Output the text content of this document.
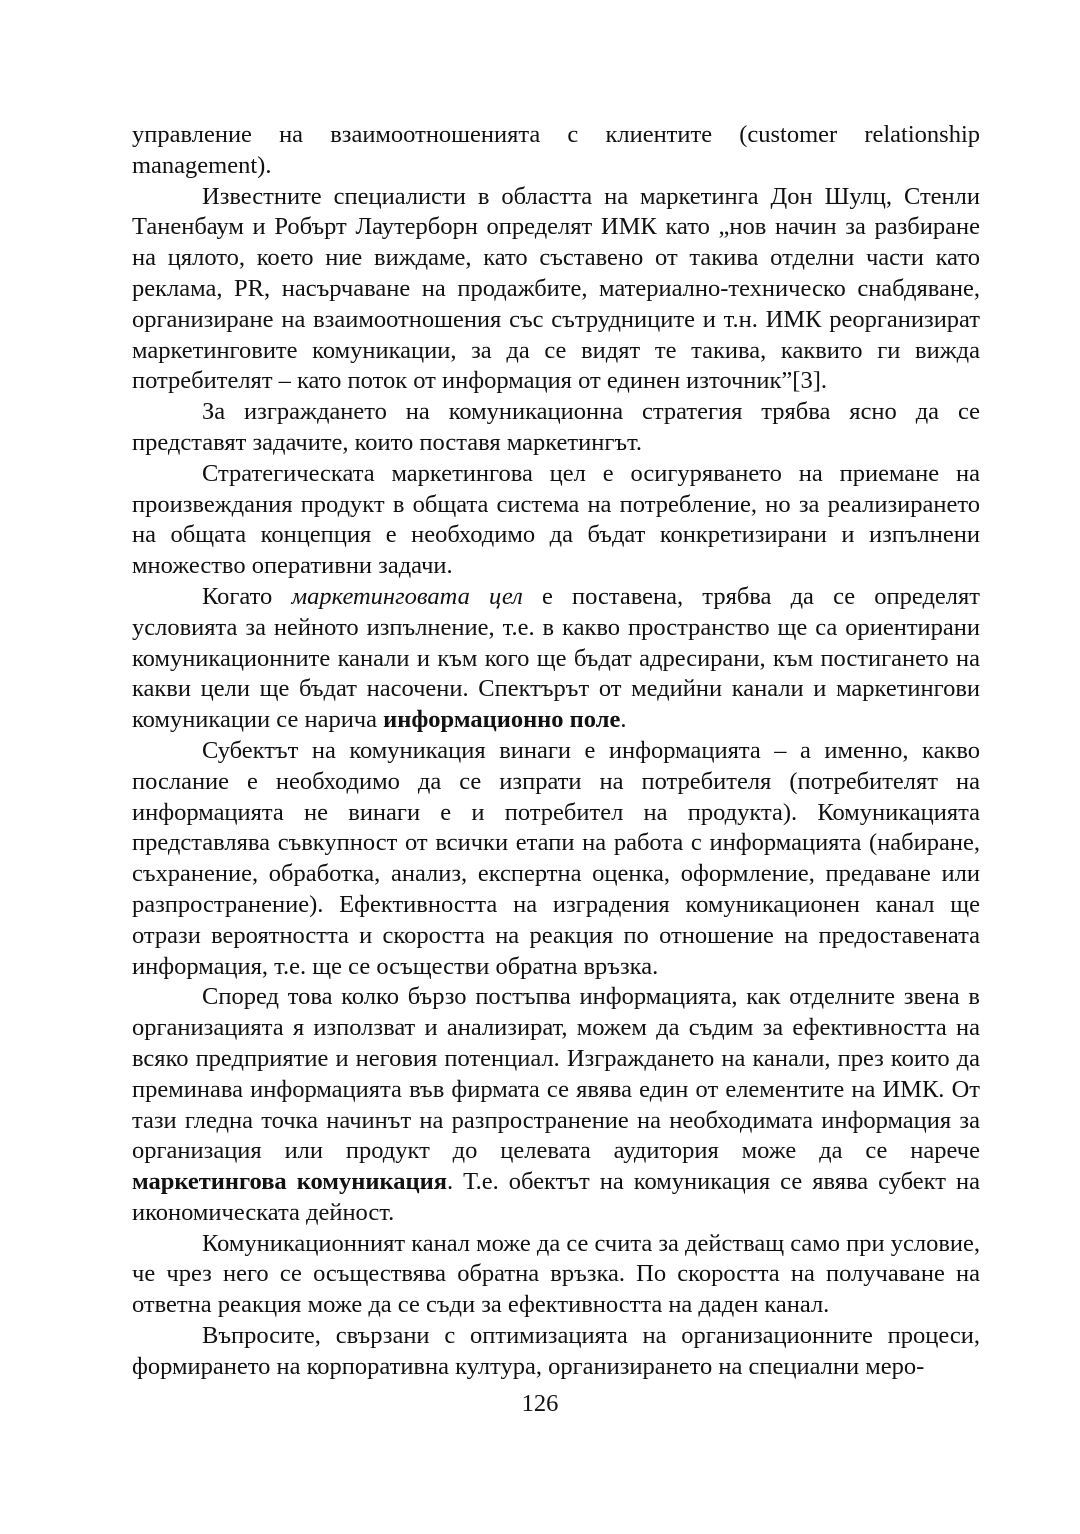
управление на взаимоотношенията с клиентите (customer relationship management).

Известните специалисти в областта на маркетинга Дон Шулц, Стенли Таненбаум и Робърт Лаутерборн определят ИМК като „нов начин за разбиране на цялото, което ние виждаме, като съставено от такива отделни части като реклама, PR, насърчаване на продажбите, материално-техническо снабдяване, организиране на взаимоотношения със сътрудниците и т.н. ИМК реорганизират маркетинговите комуникации, за да се видят те такива, каквито ги вижда потребителят – като поток от информация от единен източник”[3].

За изграждането на комуникационна стратегия трябва ясно да се представят задачите, които поставя маркетингът.

Стратегическата маркетингова цел е осигуряването на приемане на произвеждания продукт в общата система на потребление, но за реализирането на общата концепция е необходимо да бъдат конкретизирани и изпълнени множество оперативни задачи.

Когато маркетинговата цел е поставена, трябва да се определят условията за нейното изпълнение, т.е. в какво пространство ще са ориентирани комуникационните канали и към кого ще бъдат адресирани, към постигането на какви цели ще бъдат насочени. Спектърът от медийни канали и маркетингови комуникации се нарича информационно поле.

Субектът на комуникация винаги е информацията – а именно, какво послание е необходимо да се изпрати на потребителя (потребителят на информацията не винаги е и потребител на продукта). Комуникацията представлява съвкупност от всички етапи на работа с информацията (набиране, съхранение, обработка, анализ, експертна оценка, оформление, предаване или разпространение). Ефективността на изградения комуникационен канал ще отрази вероятността и скоростта на реакция по отношение на предоставената информация, т.е. ще се осъществи обратна връзка.

Според това колко бързо постъпва информацията, как отделните звена в организацията я използват и анализират, можем да съдим за ефективността на всяко предприятие и неговия потенциал. Изграждането на канали, през които да преминава информацията във фирмата се явява един от елементите на ИМК. От тази гледна точка начинът на разпространение на необходимата информация за организация или продукт до целевата аудитория може да се нарече маркетингова комуникация. Т.е. обектът на комуникация се явява субект на икономическата дейност.

Комуникационният канал може да се счита за действащ само при условие, че чрез него се осъществява обратна връзка. По скоростта на получаване на ответна реакция може да се съди за ефективността на даден канал.

Въпросите, свързани с оптимизацията на организационните процеси, формирането на корпоративна култура, организирането на специални меро-

126
